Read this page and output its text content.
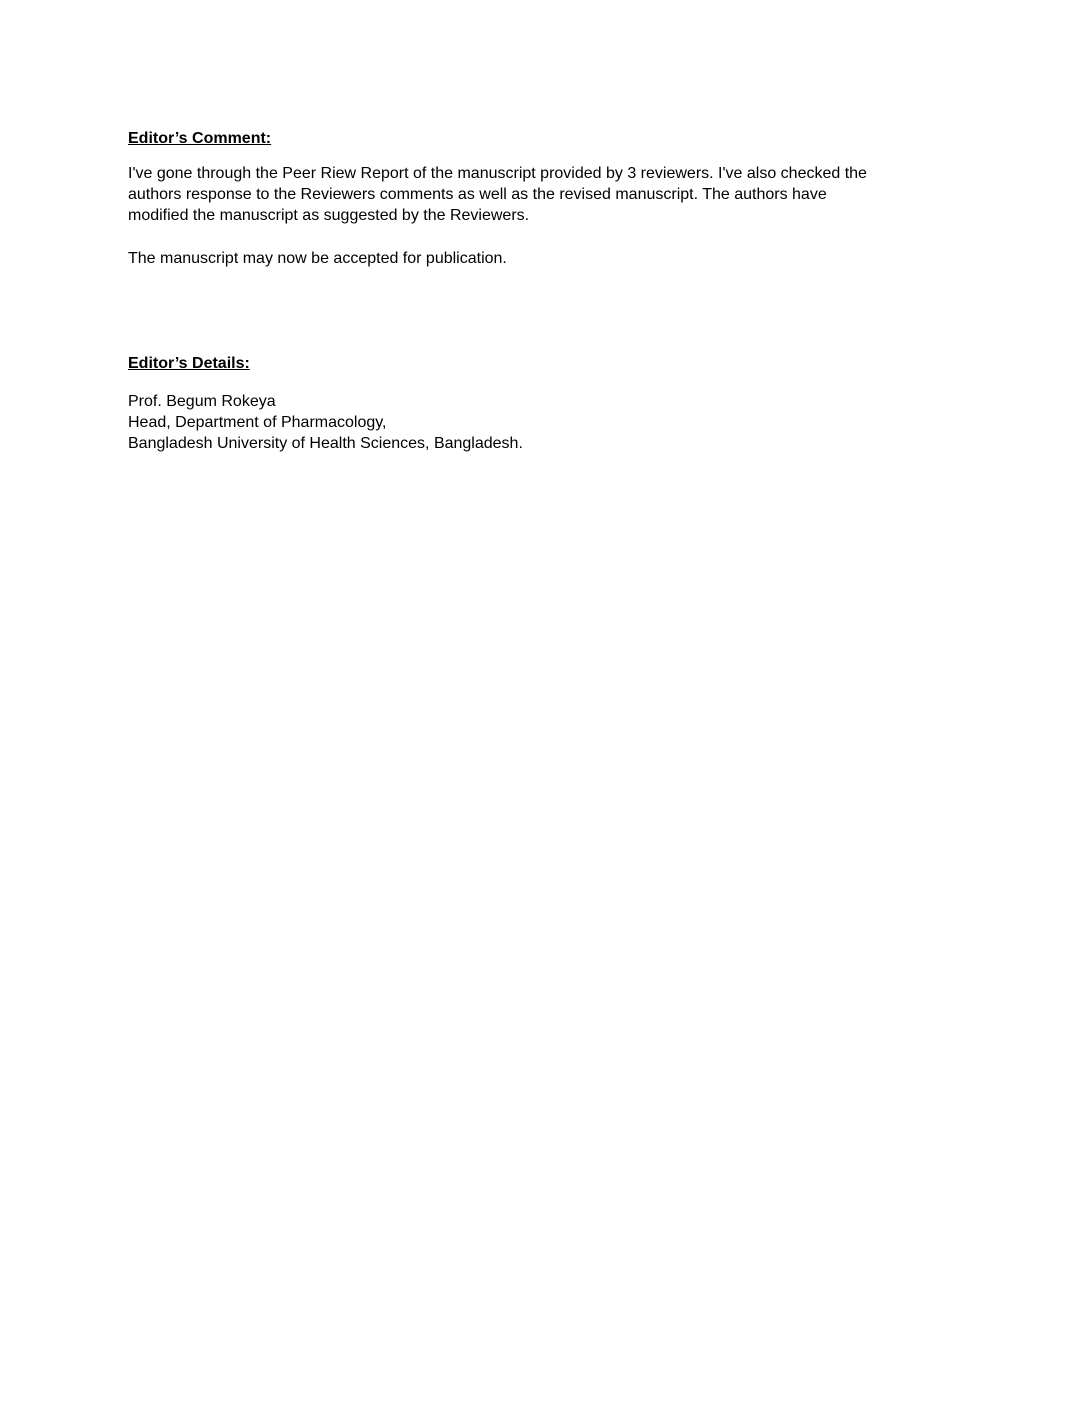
Editor’s Comment:

I've gone through the Peer Riew Report of the manuscript provided by 3 reviewers. I've also checked the
authors response to the Reviewers comments as well as the revised manuscript. The authors have
modified the manuscript as suggested by the Reviewers.

The manuscript may now be accepted for publication.

Editor’s Details:

Prof. Begum Rokeya
Head, Department of Pharmacology,
Bangladesh University of Health Sciences, Bangladesh.
